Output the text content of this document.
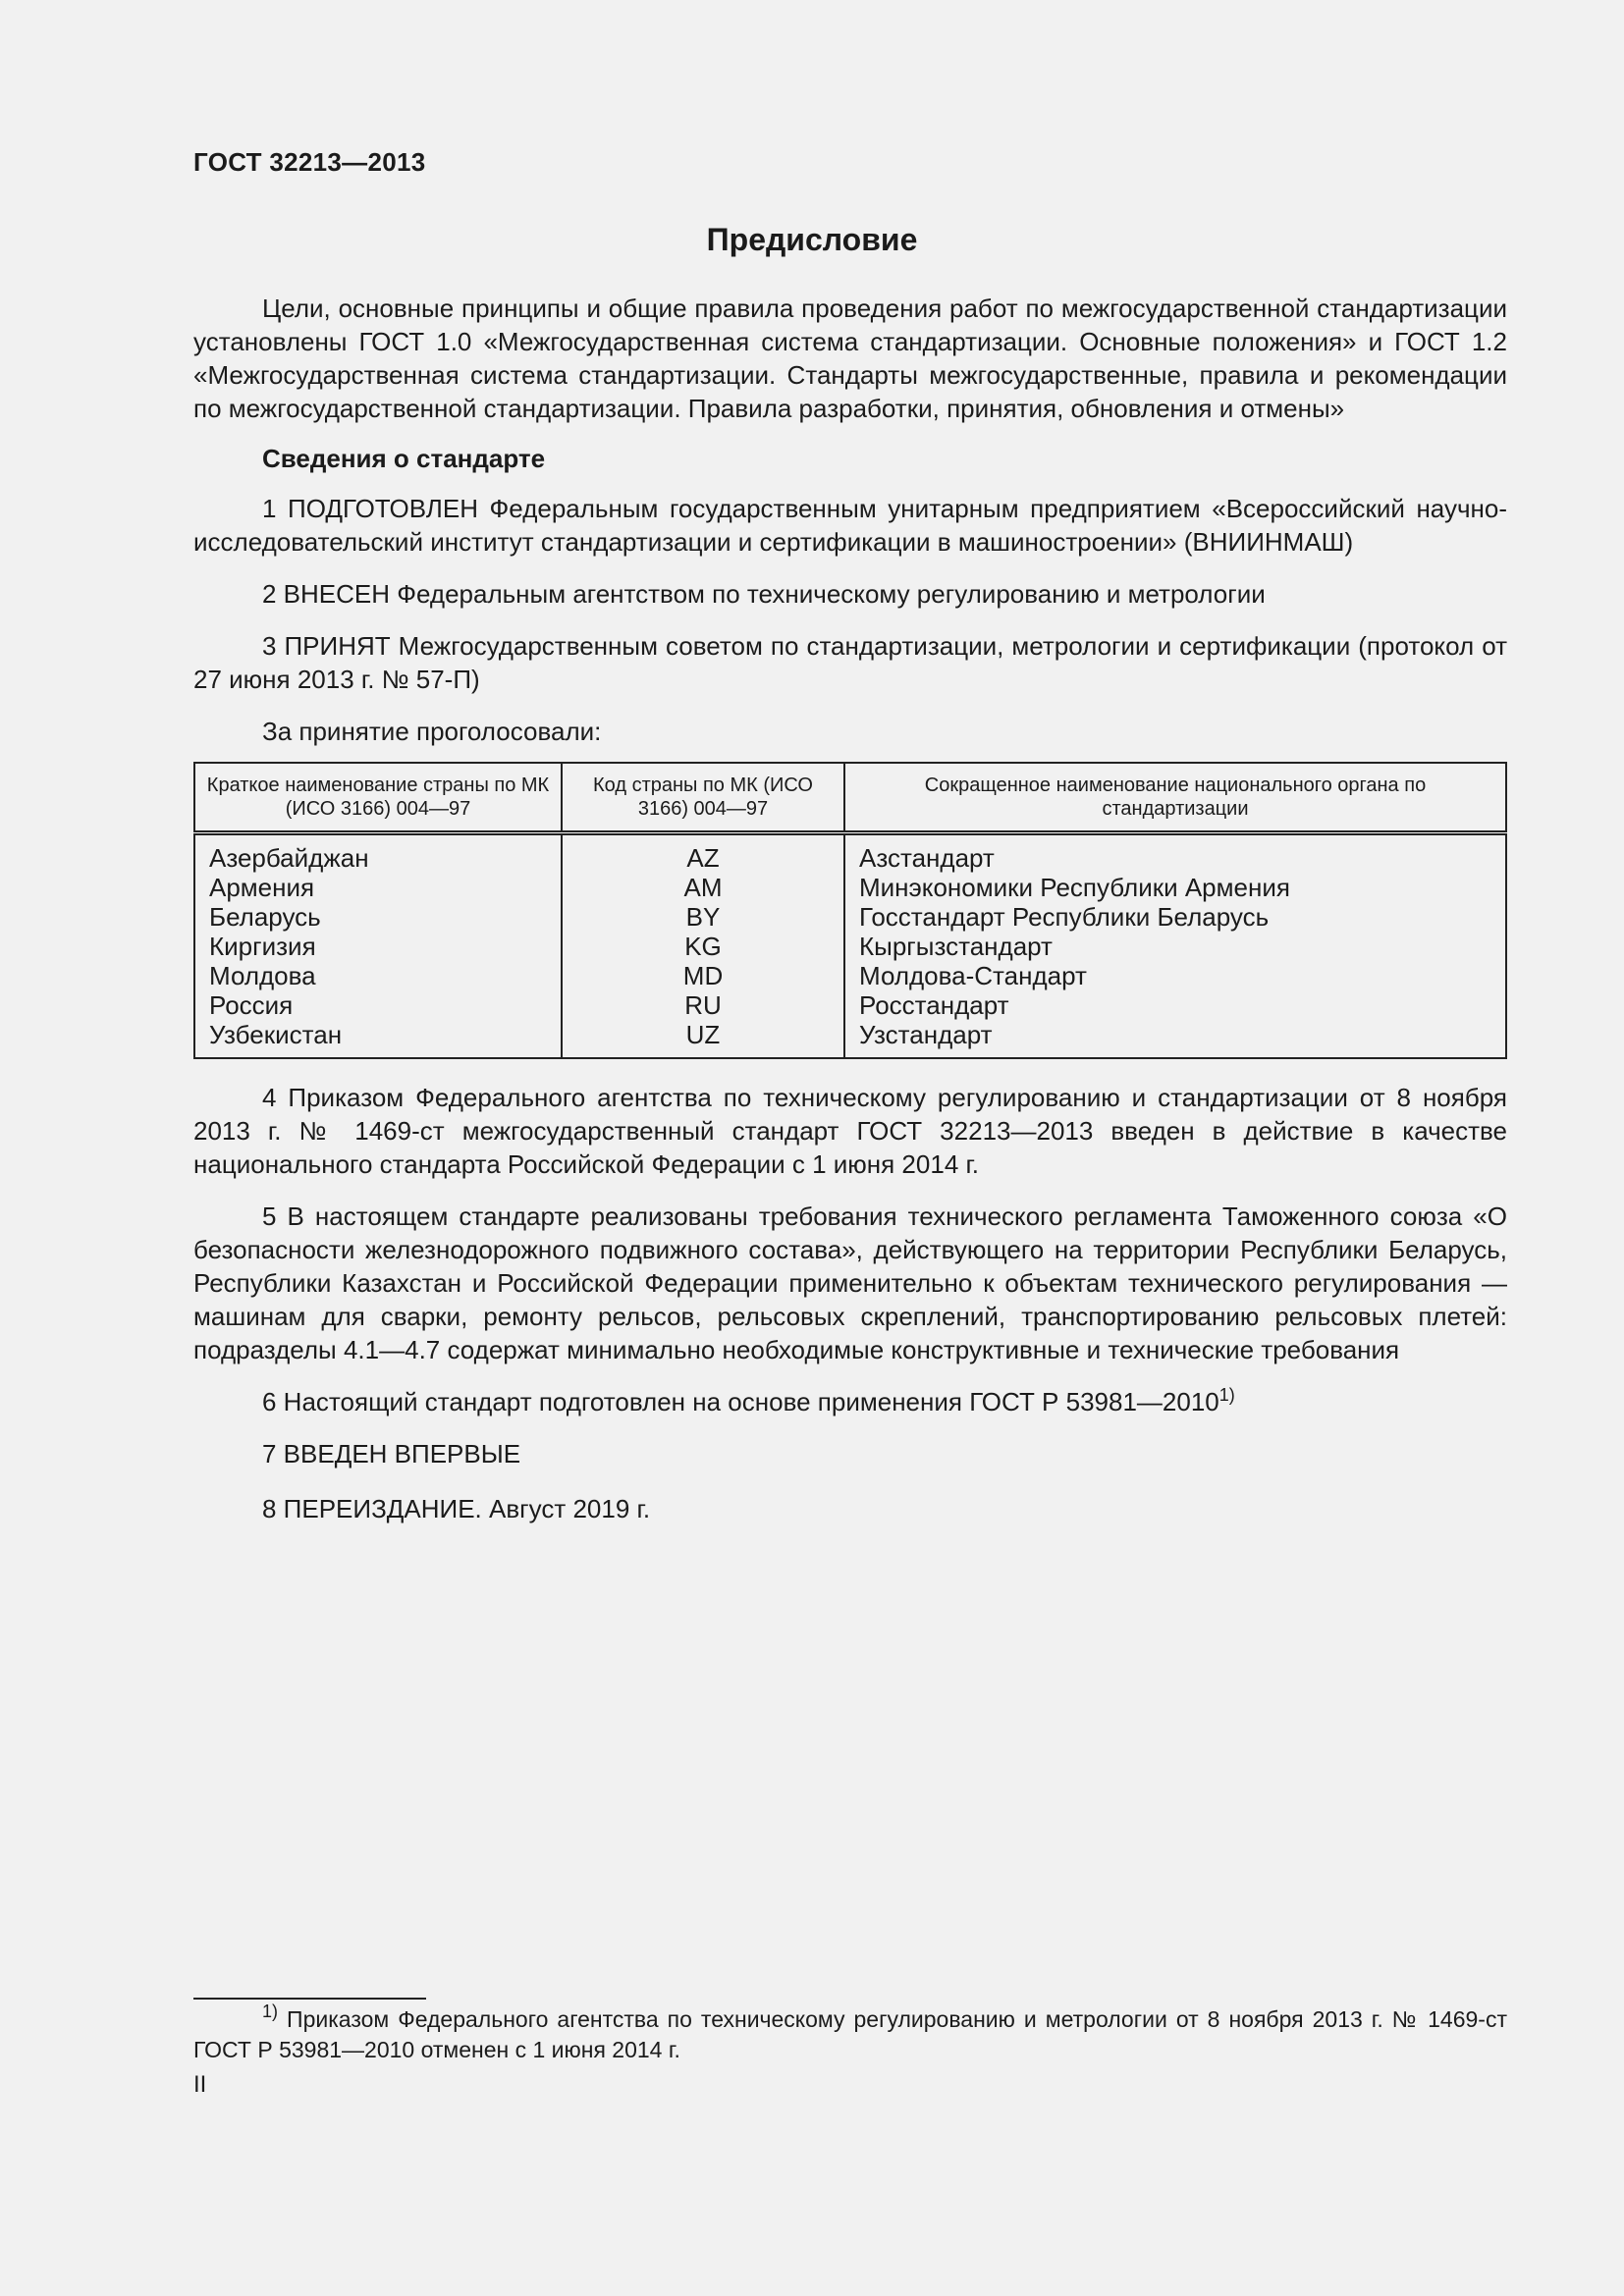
ГОСТ 32213—2013
Предисловие

Цели, основные принципы и общие правила проведения работ по межгосударственной стандартизации установлены ГОСТ 1.0 «Межгосударственная система стандартизации. Основные положения» и ГОСТ 1.2 «Межгосударственная система стандартизации. Стандарты межгосударственные, правила и рекомендации по межгосударственной стандартизации. Правила разработки, принятия, обновления и отмены»

Сведения о стандарте

1 ПОДГОТОВЛЕН Федеральным государственным унитарным предприятием «Всероссийский научно-исследовательский институт стандартизации и сертификации в машиностроении» (ВНИИНМАШ)

2 ВНЕСЕН Федеральным агентством по техническому регулированию и метрологии

3 ПРИНЯТ Межгосударственным советом по стандартизации, метрологии и сертификации (протокол от 27 июня 2013 г. № 57-П)

За принятие проголосовали:

Краткое наименование страны по МК (ИСО 3166) 004—97	Код страны по МК (ИСО 3166) 004—97	Сокращенное наименование национального органа по стандартизации
Азербайджан	AZ	Азстандарт
Армения	AM	Минэкономики Республики Армения
Беларусь	BY	Госстандарт Республики Беларусь
Киргизия	KG	Кыргызстандарт
Молдова	MD	Молдова-Стандарт
Россия	RU	Росстандарт
Узбекистан	UZ	Узстандарт

4 Приказом Федерального агентства по техническому регулированию и стандартизации от 8 ноября 2013 г. № 1469-ст межгосударственный стандарт ГОСТ 32213—2013 введен в действие в качестве национального стандарта Российской Федерации с 1 июня 2014 г.

5 В настоящем стандарте реализованы требования технического регламента Таможенного союза «О безопасности железнодорожного подвижного состава», действующего на территории Республики Беларусь, Республики Казахстан и Российской Федерации применительно к объектам технического регулирования — машинам для сварки, ремонту рельсов, рельсовых скреплений, транспортированию рельсовых плетей: подразделы 4.1—4.7 содержат минимально необходимые конструктивные и технические требования

6 Настоящий стандарт подготовлен на основе применения ГОСТ Р 53981—2010$^{1)}$

7 ВВЕДЕН ВПЕРВЫЕ

8 ПЕРЕИЗДАНИЕ. Август 2019 г.

$^{1)}$ Приказом Федерального агентства по техническому регулированию и метрологии от 8 ноября 2013 г. № 1469-ст ГОСТ Р 53981—2010 отменен с 1 июня 2014 г.
II
